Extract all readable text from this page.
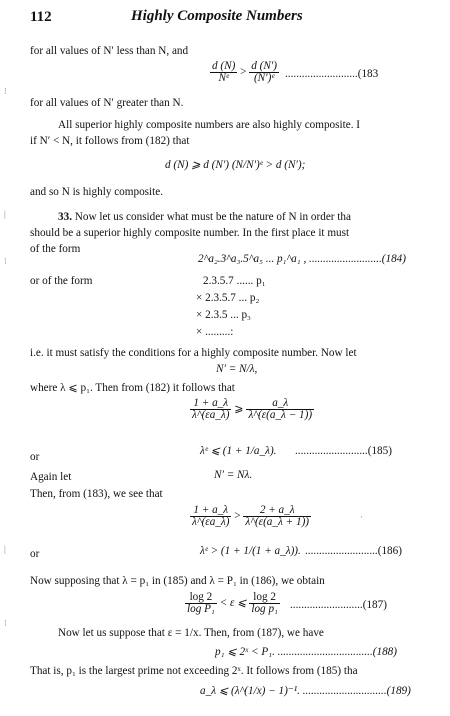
112	Highly Composite Numbers
for all values of N′ less than N, and
$\frac{d (N)}{\text{Nᵉ}} > \frac{d (N')}{\text{(N′)ᵉ}} ..........................(183$
for all values of N′ greater than N.
All superior highly composite numbers are also highly composite. I
if N′ < N, it follows from (182) that
d (N) ⩾ d (N′) (N/N′)ᵉ > d (N′);
and so N is highly composite.
33. Now let us consider what must be the nature of N in order tha
should be a superior highly composite number. In the first place it must
of the form
2^a₂.3^a₃.5^a₅ ... p₁^a₁ , ..........................(184)
or of the form	2.3.5.7 ...... p₁
× 2.3.5.7 ... p₂
× 2.3.5 ... p₃
× .........:
i.e. it must satisfy the conditions for a highly composite number. Now let
N′ = N/λ,
where λ ⩽ p₁. Then from (182) it follows that
$\frac{1 + a\_\lambda}{\lambda\^{}(\varepsilon a\_\lambda)}$ ⩾ $\frac{a\_\lambda}{\lambda\^{}(\varepsilon(a\_\lambda - 1))}$
or	λᵉ ⩽ (1 + 1/a_λ). ..........................(185)
Again let	N′ = Nλ.
Then, from (183), we see that
$\frac{1 + a\_\lambda}{\lambda\^{}(\varepsilon a\_\lambda)} > \frac{2 + a\_\lambda}{\lambda\^{}(\varepsilon(a\_\lambda + 1))}$
or	λᵉ > (1 + 1/(1 + a_λ)). ..........................(186)
Now supposing that λ = p₁ in (185) and λ = P₁ in (186), we obtain
$\frac{\log 2}{\text{log P₁}} < \varepsilon$ ⩽ $\frac{\log 2}{\text{log p₁}} ..........................(187)$
Now let us suppose that ε = 1/x. Then, from (187), we have
p₁ ⩽ 2ˣ < P₁. ..................................(188)
That is, p₁ is the largest prime not exceeding 2ˣ. It follows from (185) tha
a_λ ⩽ (λ^(1/x) − 1)⁻¹. ..............................(189)
⁝
|
⁝
|
⁝
·
